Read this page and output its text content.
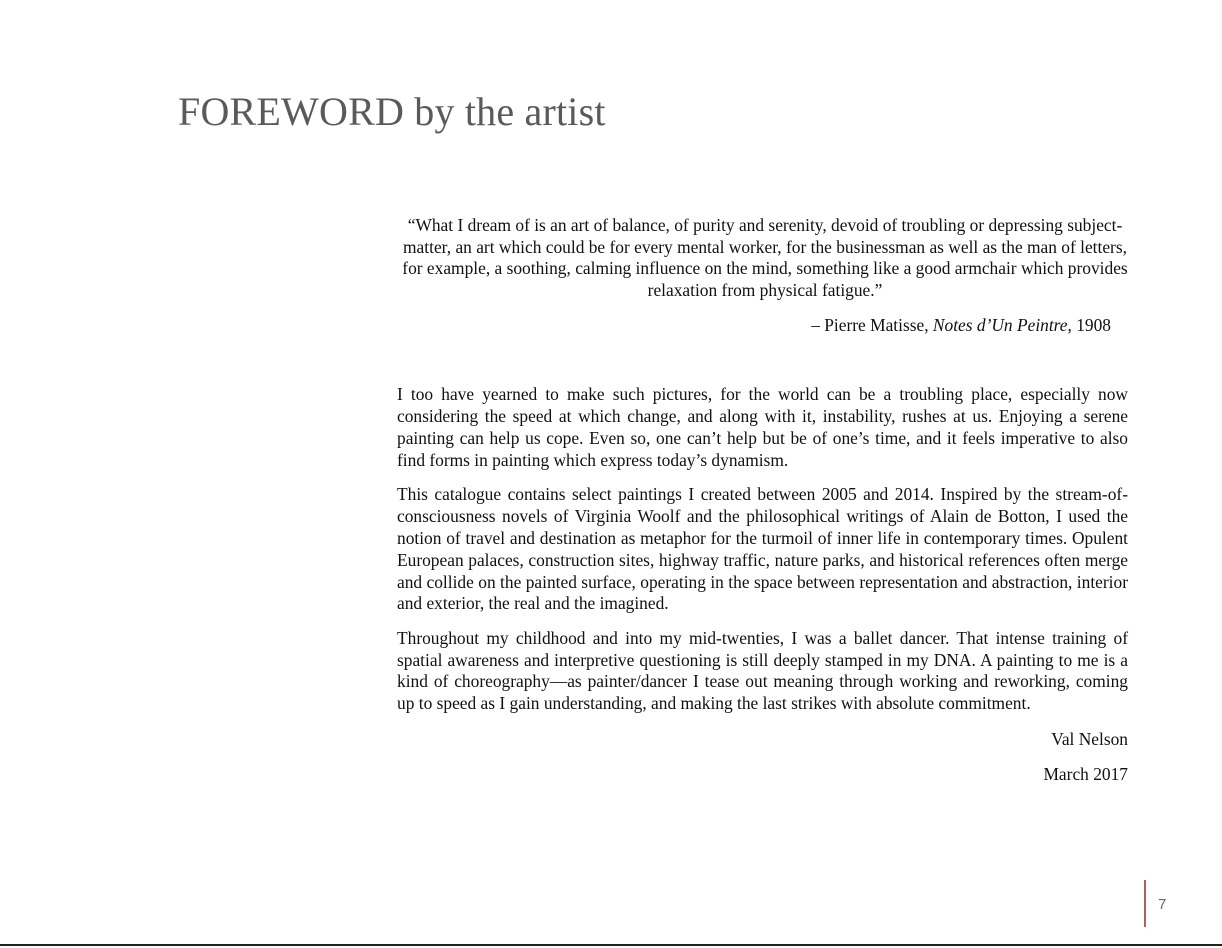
FOREWORD by the artist

“What I dream of is an art of balance, of purity and serenity, devoid of troubling or depressing subject-matter, an art which could be for every mental worker, for the businessman as well as the man of letters, for example, a soothing, calming influence on the mind, something like a good armchair which provides relaxation from physical fatigue.”

– Pierre Matisse, Notes d’Un Peintre, 1908

I too have yearned to make such pictures, for the world can be a troubling place, especially now considering the speed at which change, and along with it, instability, rushes at us. Enjoying a serene painting can help us cope. Even so, one can’t help but be of one’s time, and it feels imperative to also find forms in painting which express today’s dynamism.

This catalogue contains select paintings I created between 2005 and 2014. Inspired by the stream-of-consciousness novels of Virginia Woolf and the philosophical writings of Alain de Botton, I used the notion of travel and destination as metaphor for the turmoil of inner life in contemporary times. Opulent European palaces, construction sites, highway traffic, nature parks, and historical references often merge and collide on the painted surface, operating in the space between representation and abstraction, interior and exterior, the real and the imagined.

Throughout my childhood and into my mid-twenties, I was a ballet dancer. That intense training of spatial awareness and interpretive questioning is still deeply stamped in my DNA. A painting to me is a kind of choreography—as painter/dancer I tease out meaning through working and reworking, coming up to speed as I gain understanding, and making the last strikes with absolute commitment.

Val Nelson

March 2017

7
